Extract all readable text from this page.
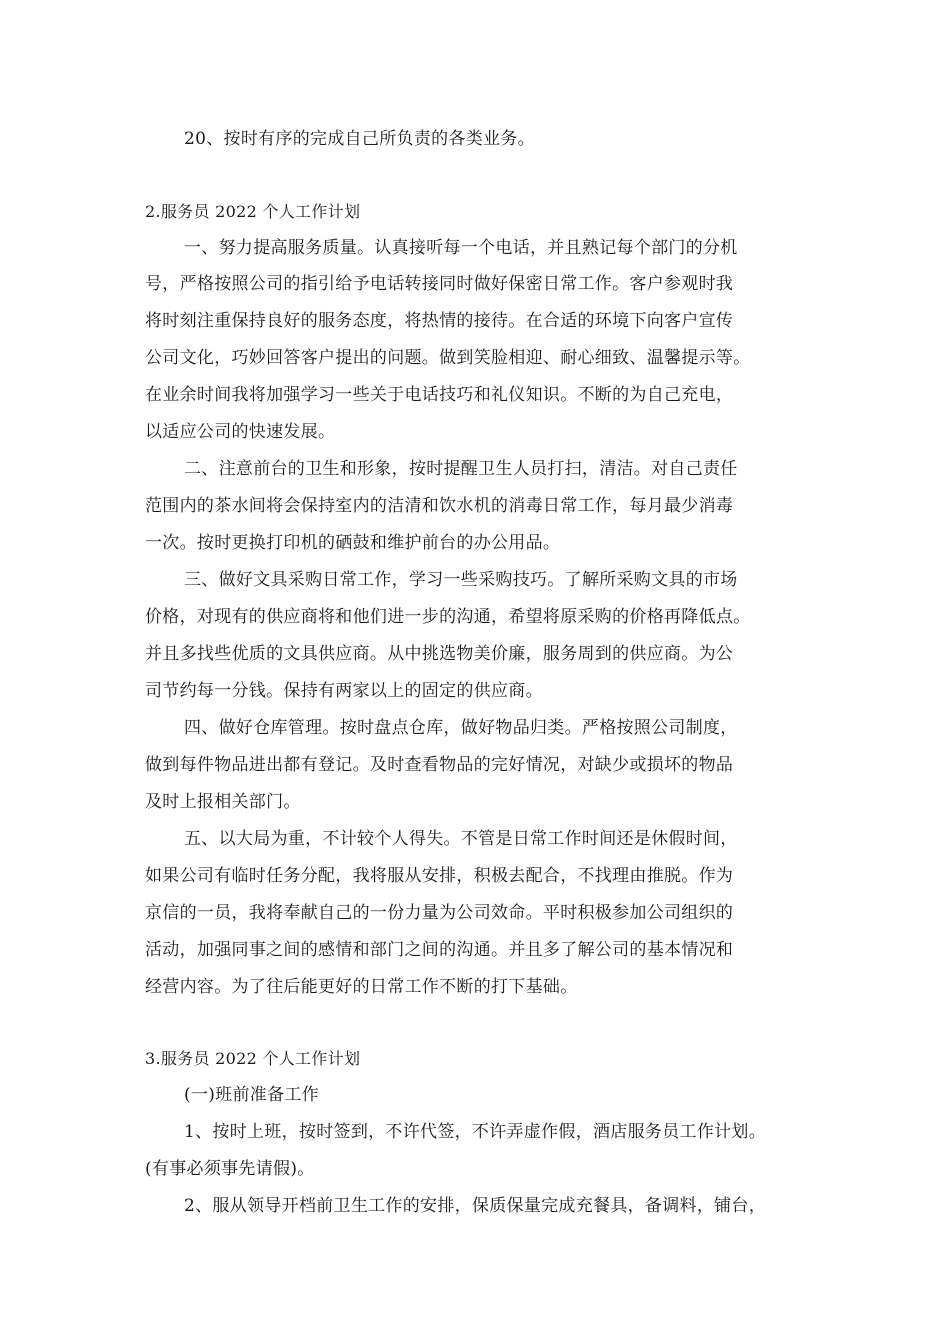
20、按时有序的完成自己所负责的各类业务。
2.服务员 2022 个人工作计划
一、努力提高服务质量。认真接听每一个电话，并且熟记每个部门的分机
号，严格按照公司的指引给予电话转接同时做好保密日常工作。客户参观时我
将时刻注重保持良好的服务态度，将热情的接待。在合适的环境下向客户宣传
公司文化，巧妙回答客户提出的问题。做到笑脸相迎、耐心细致、温馨提示等。
在业余时间我将加强学习一些关于电话技巧和礼仪知识。不断的为自己充电，
以适应公司的快速发展。
二、注意前台的卫生和形象，按时提醒卫生人员打扫，清洁。对自己责任
范围内的茶水间将会保持室内的洁清和饮水机的消毒日常工作，每月最少消毒
一次。按时更换打印机的硒鼓和维护前台的办公用品。
三、做好文具采购日常工作，学习一些采购技巧。了解所采购文具的市场
价格，对现有的供应商将和他们进一步的沟通，希望将原采购的价格再降低点。
并且多找些优质的文具供应商。从中挑选物美价廉，服务周到的供应商。为公
司节约每一分钱。保持有两家以上的固定的供应商。
四、做好仓库管理。按时盘点仓库，做好物品归类。严格按照公司制度，
做到每件物品进出都有登记。及时查看物品的完好情况，对缺少或损坏的物品
及时上报相关部门。
五、以大局为重，不计较个人得失。不管是日常工作时间还是休假时间，
如果公司有临时任务分配，我将服从安排，积极去配合，不找理由推脱。作为
京信的一员，我将奉献自己的一份力量为公司效命。平时积极参加公司组织的
活动，加强同事之间的感情和部门之间的沟通。并且多了解公司的基本情况和
经营内容。为了往后能更好的日常工作不断的打下基础。
3.服务员 2022 个人工作计划
(一)班前准备工作
1、按时上班，按时签到，不许代签，不许弄虚作假，酒店服务员工作计划。
(有事必须事先请假)。
2、服从领导开档前卫生工作的安排，保质保量完成充餐具，备调料，铺台，
